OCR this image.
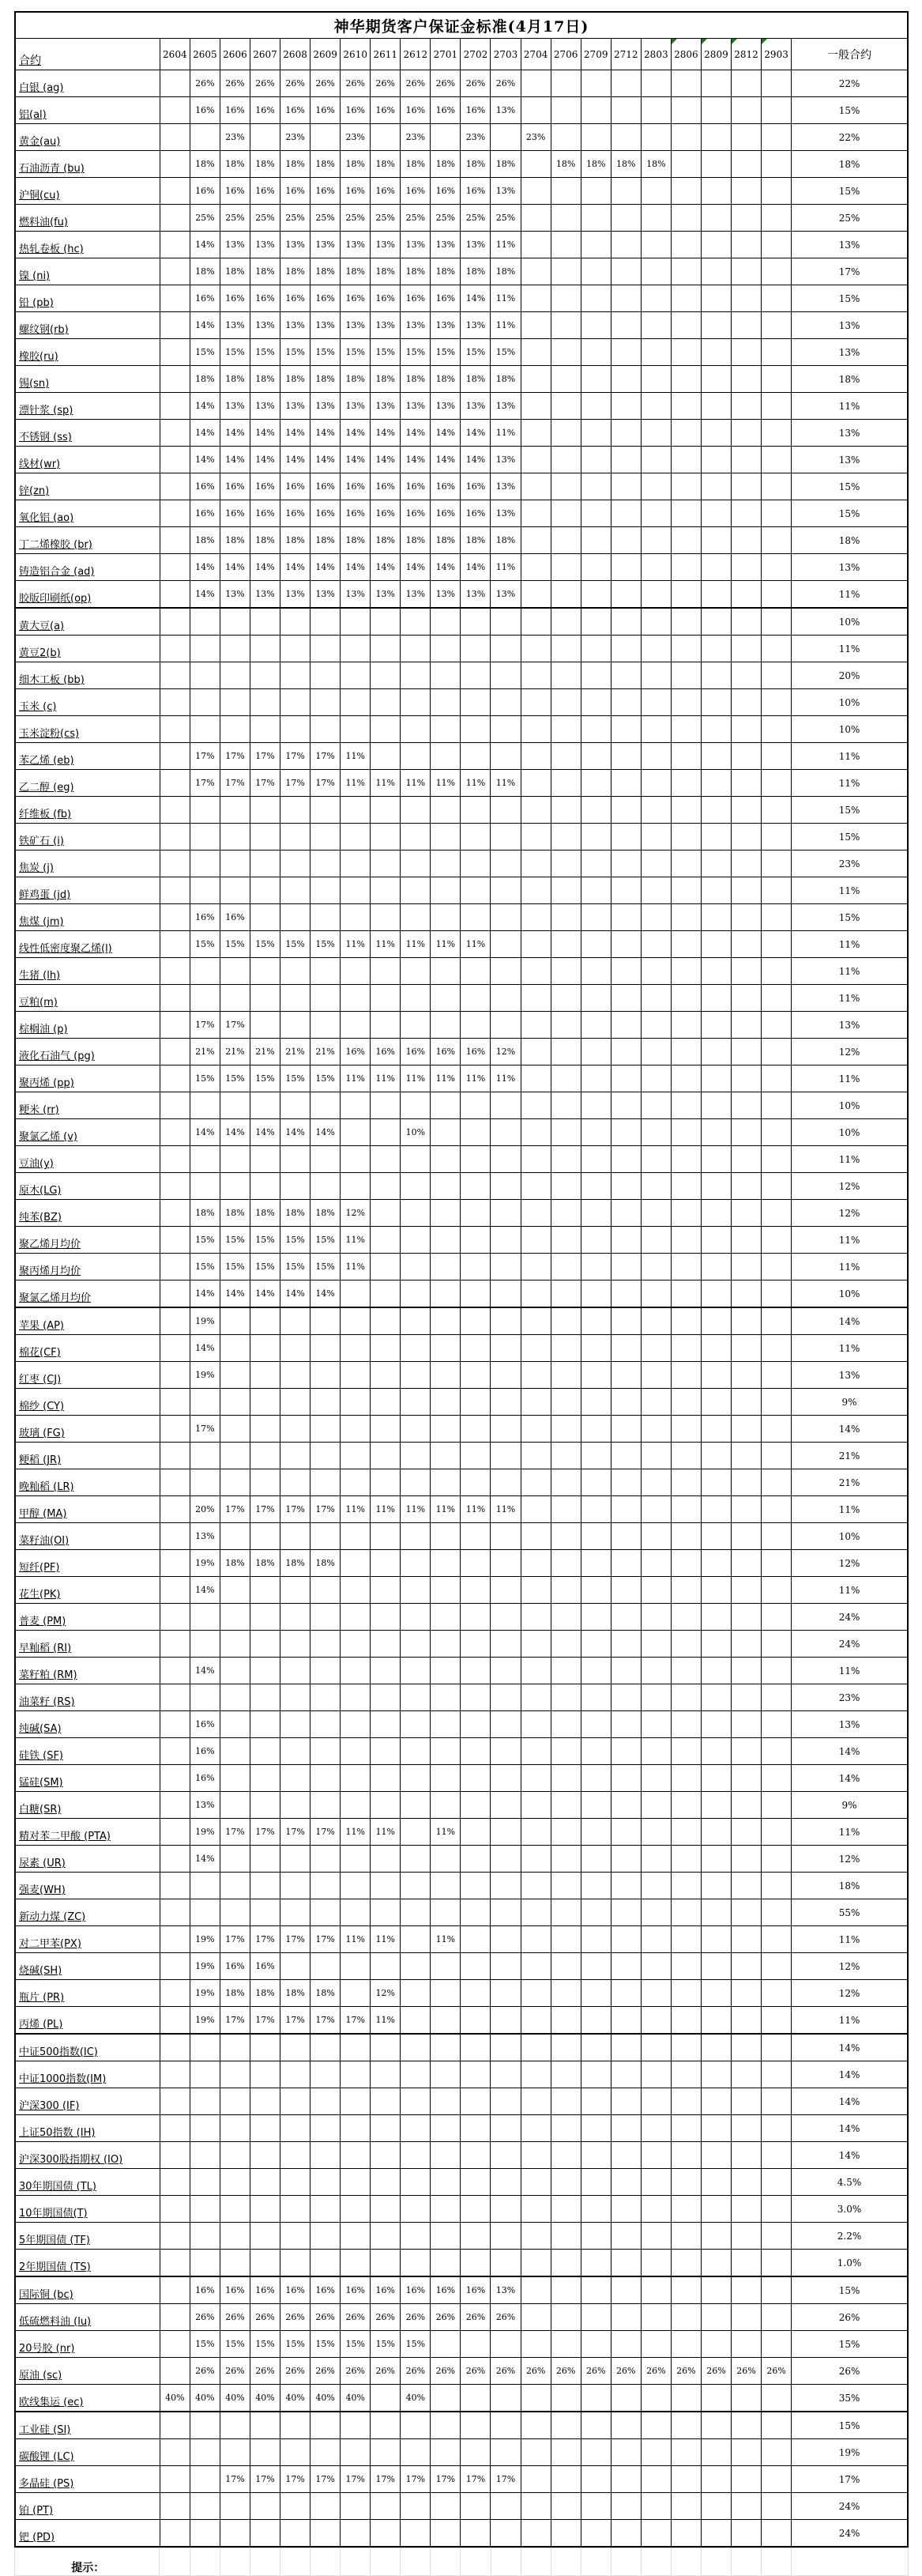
神华期货客户保证金标准(4月17日)																						
合约	2604	2605	2606	2607	2608	2609	2610	2611	2612	2701	2702	2703	2704	2706	2709	2712	2803	2806	2809	2812	2903	一般合约
白银 (ag)		26%	26%	26%	26%	26%	26%	26%	26%	26%	26%	26%										22%
铝(al)		16%	16%	16%	16%	16%	16%	16%	16%	16%	16%	13%										15%
黄金(au)			23%		23%		23%		23%		23%		23%									22%
石油沥青 (bu)		18%	18%	18%	18%	18%	18%	18%	18%	18%	18%	18%		18%	18%	18%	18%					18%
沪铜(cu)		16%	16%	16%	16%	16%	16%	16%	16%	16%	16%	13%										15%
燃料油(fu)		25%	25%	25%	25%	25%	25%	25%	25%	25%	25%	25%										25%
热轧卷板 (hc)		14%	13%	13%	13%	13%	13%	13%	13%	13%	13%	11%										13%
镍 (ni)		18%	18%	18%	18%	18%	18%	18%	18%	18%	18%	18%										17%
铅 (pb)		16%	16%	16%	16%	16%	16%	16%	16%	16%	14%	11%										15%
螺纹钢(rb)		14%	13%	13%	13%	13%	13%	13%	13%	13%	13%	11%										13%
橡胶(ru)		15%	15%	15%	15%	15%	15%	15%	15%	15%	15%	15%										13%
锡(sn)		18%	18%	18%	18%	18%	18%	18%	18%	18%	18%	18%										18%
漂针浆 (sp)		14%	13%	13%	13%	13%	13%	13%	13%	13%	13%	13%										11%
不锈钢 (ss)		14%	14%	14%	14%	14%	14%	14%	14%	14%	14%	11%										13%
线材(wr)		14%	14%	14%	14%	14%	14%	14%	14%	14%	14%	13%										13%
锌(zn)		16%	16%	16%	16%	16%	16%	16%	16%	16%	16%	13%										15%
氧化铝 (ao)		16%	16%	16%	16%	16%	16%	16%	16%	16%	16%	13%										15%
丁二烯橡胶 (br)		18%	18%	18%	18%	18%	18%	18%	18%	18%	18%	18%										18%
铸造铝合金 (ad)		14%	14%	14%	14%	14%	14%	14%	14%	14%	14%	11%										13%
胶版印刷纸(op)		14%	13%	13%	13%	13%	13%	13%	13%	13%	13%	13%										11%
黄大豆(a)																						10%
黄豆2(b)																						11%
细木工板 (bb)																						20%
玉米 (c)																						10%
玉米淀粉(cs)																						10%
苯乙烯 (eb)		17%	17%	17%	17%	17%	11%															11%
乙二醇 (eg)		17%	17%	17%	17%	17%	11%	11%	11%	11%	11%	11%										11%
纤维板 (fb)																						15%
铁矿石 (i)																						15%
焦炭 (j)																						23%
鲜鸡蛋 (jd)																						11%
焦煤 (jm)		16%	16%																			15%
线性低密度聚乙烯(l)		15%	15%	15%	15%	15%	11%	11%	11%	11%	11%											11%
生猪 (lh)																						11%
豆粕(m)																						11%
棕榈油 (p)		17%	17%																			13%
液化石油气 (pg)		21%	21%	21%	21%	21%	16%	16%	16%	16%	16%	12%										12%
聚丙烯 (pp)		15%	15%	15%	15%	15%	11%	11%	11%	11%	11%	11%										11%
粳米 (rr)																						10%
聚氯乙烯 (v)		14%	14%	14%	14%	14%			10%													10%
豆油(y)																						11%
原木(LG)																						12%
纯苯(BZ)		18%	18%	18%	18%	18%	12%															12%
聚乙烯月均价		15%	15%	15%	15%	15%	11%															11%
聚丙烯月均价		15%	15%	15%	15%	15%	11%															11%
聚氯乙烯月均价		14%	14%	14%	14%	14%																10%
苹果 (AP)		19%																				14%
棉花(CF)		14%																				11%
红枣 (CJ)		19%																				13%
棉纱 (CY)																						9%
玻璃 (FG)		17%																				14%
粳稻 (JR)																						21%
晚籼稻 (LR)																						21%
甲醇 (MA)		20%	17%	17%	17%	17%	11%	11%	11%	11%	11%	11%										11%
菜籽油(OI)		13%																				10%
短纤(PF)		19%	18%	18%	18%	18%																12%
花生(PK)		14%																				11%
普麦 (PM)																						24%
早籼稻 (RI)																						24%
菜籽粕 (RM)		14%																				11%
油菜籽 (RS)																						23%
纯碱(SA)		16%																				13%
硅铁 (SF)		16%																				14%
锰硅(SM)		16%																				14%
白糖(SR)		13%																				9%
精对苯二甲酸 (PTA)		19%	17%	17%	17%	17%	11%	11%		11%												11%
尿素 (UR)		14%																				12%
强麦(WH)																						18%
新动力煤 (ZC)																						55%
对二甲苯(PX)		19%	17%	17%	17%	17%	11%	11%		11%												11%
烧碱(SH)		19%	16%	16%																		12%
瓶片 (PR)		19%	18%	18%	18%	18%		12%														12%
丙烯 (PL)		19%	17%	17%	17%	17%	17%	11%														11%
中证500指数(IC)																						14%
中证1000指数(IM)																						14%
沪深300 (IF)																						14%
上证50指数 (IH)																						14%
沪深300股指期权 (IO)																						14%
30年期国债 (TL)																						4.5%
10年期国债(T)																						3.0%
5年期国债 (TF)																						2.2%
2年期国债 (TS)																						1.0%
国际铜 (bc)		16%	16%	16%	16%	16%	16%	16%	16%	16%	16%	13%										15%
低硫燃料油 (lu)		26%	26%	26%	26%	26%	26%	26%	26%	26%	26%	26%										26%
20号胶 (nr)		15%	15%	15%	15%	15%	15%	15%	15%													15%
原油 (sc)		26%	26%	26%	26%	26%	26%	26%	26%	26%	26%	26%	26%	26%	26%	26%	26%	26%	26%	26%	26%	26%
欧线集运 (ec)	40%	40%	40%	40%	40%	40%	40%		40%													35%
工业硅 (SI)																						15%
碳酸锂 (LC)																						19%
多晶硅 (PS)			17%	17%	17%	17%	17%	17%	17%	17%	17%	17%										17%
铂 (PT)																						24%
钯 (PD)																						24%
提示：																						
